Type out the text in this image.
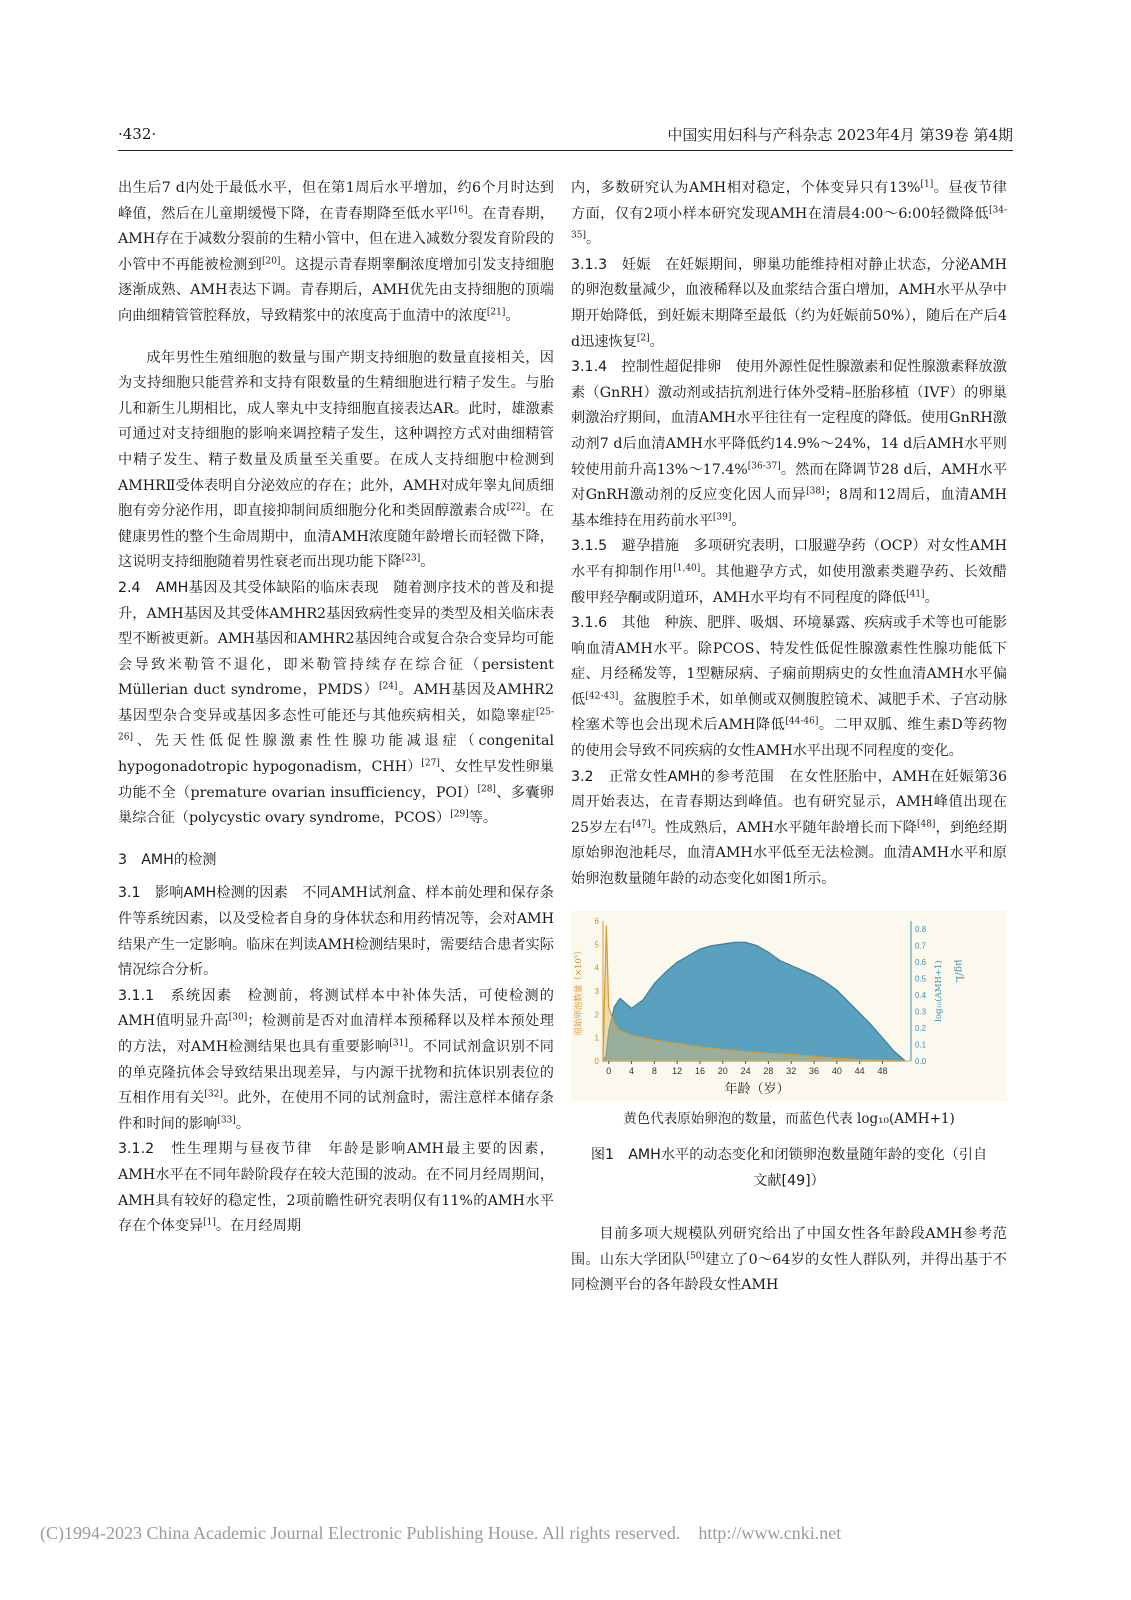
·432·	中国实用妇科与产科杂志 2023年4月 第39卷 第4期

出生后7 d内处于最低水平，但在第1周后水平增加，约6个月时达到峰值，然后在儿童期缓慢下降，在青春期降至低水平[16]。在青春期，AMH存在于减数分裂前的生精小管中，但在进入减数分裂发育阶段的小管中不再能被检测到[20]。这提示青春期睾酮浓度增加引发支持细胞逐渐成熟、AMH表达下调。青春期后，AMH优先由支持细胞的顶端向曲细精管管腔释放，导致精浆中的浓度高于血清中的浓度[21]。

成年男性生殖细胞的数量与围产期支持细胞的数量直接相关，因为支持细胞只能营养和支持有限数量的生精细胞进行精子发生。与胎儿和新生儿期相比，成人睾丸中支持细胞直接表达AR。此时，雄激素可通过对支持细胞的影响来调控精子发生，这种调控方式对曲细精管中精子发生、精子数量及质量至关重要。在成人支持细胞中检测到AMHRⅡ受体表明自分泌效应的存在；此外，AMH对成年睾丸间质细胞有旁分泌作用，即直接抑制间质细胞分化和类固醇激素合成[22]。在健康男性的整个生命周期中，血清AMH浓度随年龄增长而轻微下降，这说明支持细胞随着男性衰老而出现功能下降[23]。

2.4　AMH基因及其受体缺陷的临床表现　随着测序技术的普及和提升，AMH基因及其受体AMHR2基因致病性变异的类型及相关临床表型不断被更新。AMH基因和AMHR2基因纯合或复合杂合变异均可能会导致米勒管不退化，即米勒管持续存在综合征（persistent Müllerian duct syndrome，PMDS）[24]。AMH基因及AMHR2基因型杂合变异或基因多态性可能还与其他疾病相关，如隐睾症[25-26]、先天性低促性腺激素性性腺功能减退症（congenital hypogonadotropic hypogonadism，CHH）[27]、女性早发性卵巢功能不全（premature ovarian insufficiency，POI）[28]、多囊卵巢综合征（polycystic ovary syndrome，PCOS）[29]等。

3　AMH的检测

3.1　影响AMH检测的因素　不同AMH试剂盒、样本前处理和保存条件等系统因素，以及受检者自身的身体状态和用药情况等，会对AMH结果产生一定影响。临床在判读AMH检测结果时，需要结合患者实际情况综合分析。

3.1.1　系统因素　检测前，将测试样本中补体失活，可使检测的AMH值明显升高[30]；检测前是否对血清样本预稀释以及样本预处理的方法，对AMH检测结果也具有重要影响[31]。不同试剂盒识别不同的单克隆抗体会导致结果出现差异，与内源干扰物和抗体识别表位的互相作用有关[32]。此外，在使用不同的试剂盒时，需注意样本储存条件和时间的影响[33]。

3.1.2　性生理期与昼夜节律　年龄是影响AMH最主要的因素，AMH水平在不同年龄阶段存在较大范围的波动。在不同月经周期间，AMH具有较好的稳定性，2项前瞻性研究表明仅有11%的AMH水平存在个体变异[1]。在月经周期

内，多数研究认为AMH相对稳定，个体变异只有13%[1]。昼夜节律方面，仅有2项小样本研究发现AMH在清晨4:00～6:00轻微降低[34-35]。

3.1.3　妊娠　在妊娠期间，卵巢功能维持相对静止状态，分泌AMH的卵泡数量减少，血液稀释以及血浆结合蛋白增加，AMH水平从孕中期开始降低，到妊娠末期降至最低（约为妊娠前50%），随后在产后4 d迅速恢复[2]。

3.1.4　控制性超促排卵　使用外源性促性腺激素和促性腺激素释放激素（GnRH）激动剂或拮抗剂进行体外受精–胚胎移植（IVF）的卵巢刺激治疗期间，血清AMH水平往往有一定程度的降低。使用GnRH激动剂7 d后血清AMH水平降低约14.9%～24%，14 d后AMH水平则较使用前升高13%～17.4%[36-37]。然而在降调节28 d后，AMH水平对GnRH激动剂的反应变化因人而异[38]；8周和12周后，血清AMH基本维持在用药前水平[39]。

3.1.5　避孕措施　多项研究表明，口服避孕药（OCP）对女性AMH水平有抑制作用[1,40]。其他避孕方式，如使用激素类避孕药、长效醋酸甲羟孕酮或阴道环，AMH水平均有不同程度的降低[41]。

3.1.6　其他　种族、肥胖、吸烟、环境暴露、疾病或手术等也可能影响血清AMH水平。除PCOS、特发性低促性腺激素性性腺功能低下症、月经稀发等，1型糖尿病、子痫前期病史的女性血清AMH水平偏低[42-43]。盆腹腔手术，如单侧或双侧腹腔镜术、减肥手术、子宫动脉栓塞术等也会出现术后AMH降低[44-46]。二甲双胍、维生素D等药物的使用会导致不同疾病的女性AMH水平出现不同程度的变化。

3.2　正常女性AMH的参考范围　在女性胚胎中，AMH在妊娠第36周开始表达，在青春期达到峰值。也有研究显示，AMH峰值出现在25岁左右[47]。性成熟后，AMH水平随年龄增长而下降[48]，到绝经期原始卵泡池耗尽，血清AMH水平低至无法检测。血清AMH水平和原始卵泡数量随年龄的动态变化如图1所示。

0 4 8 12 16 20 24 28 32 36 40 44 48
0
1
2
3
4
5
6
0.0
0.1
0.2
0.3
0.4
0.5
0.6
0.7
0.8
原始卵泡数量（×10⁵）	log₁₀(AMH+1) μg/L
年龄（岁）
黄色代表原始卵泡的数量，而蓝色代表 log₁₀(AMH+1)
图1　AMH水平的动态变化和闭锁卵泡数量随年龄的变化（引自文献[49]）

目前多项大规模队列研究给出了中国女性各年龄段AMH参考范围。山东大学团队[50]建立了0～64岁的女性人群队列，并得出基于不同检测平台的各年龄段女性AMH

(C)1994-2023 China Academic Journal Electronic Publishing House. All rights reserved.    http://www.cnki.net
